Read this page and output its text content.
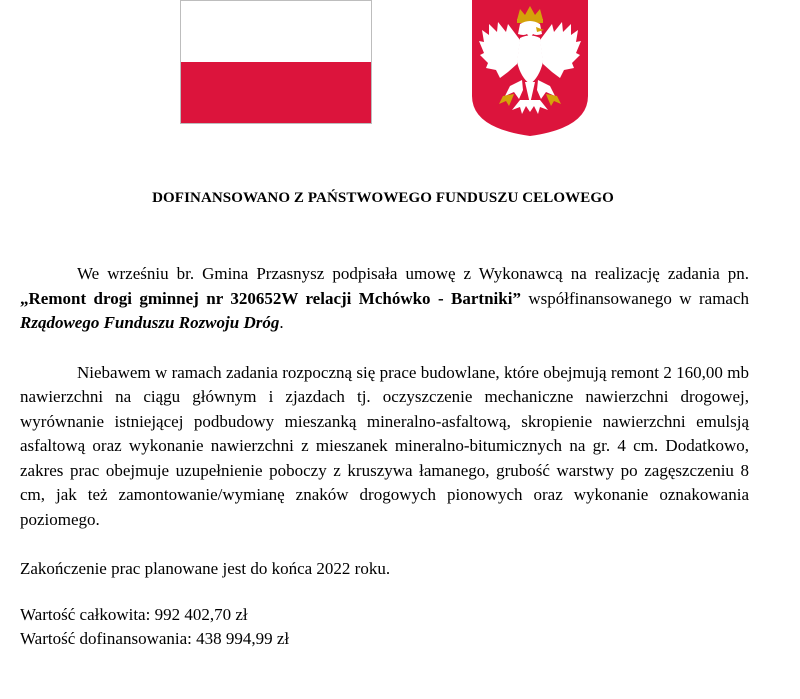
DOFINANSOWANO Z PAŃSTWOWEGO FUNDUSZU CELOWEGO

We wrześniu br. Gmina Przasnysz podpisała umowę z Wykonawcą na realizację zadania pn. „Remont drogi gminnej nr 320652W relacji Mchówko - Bartniki” współfinansowanego w ramach Rządowego Funduszu Rozwoju Dróg.

Niebawem w ramach zadania rozpoczną się prace budowlane, które obejmują remont 2 160,00 mb nawierzchni na ciągu głównym i zjazdach tj. oczyszczenie mechaniczne nawierzchni drogowej, wyrównanie istniejącej podbudowy mieszanką mineralno-asfaltową, skropienie nawierzchni emulsją asfaltową oraz wykonanie nawierzchni z mieszanek mineralno-bitumicznych na gr. 4 cm. Dodatkowo, zakres prac obejmuje uzupełnienie poboczy z kruszywa łamanego, grubość warstwy po zagęszczeniu 8 cm, jak też zamontowanie/wymianę znaków drogowych pionowych oraz wykonanie oznakowania poziomego.

Zakończenie prac planowane jest do końca 2022 roku.

Wartość całkowita: 992 402,70 zł

Wartość dofinansowania: 438 994,99 zł
